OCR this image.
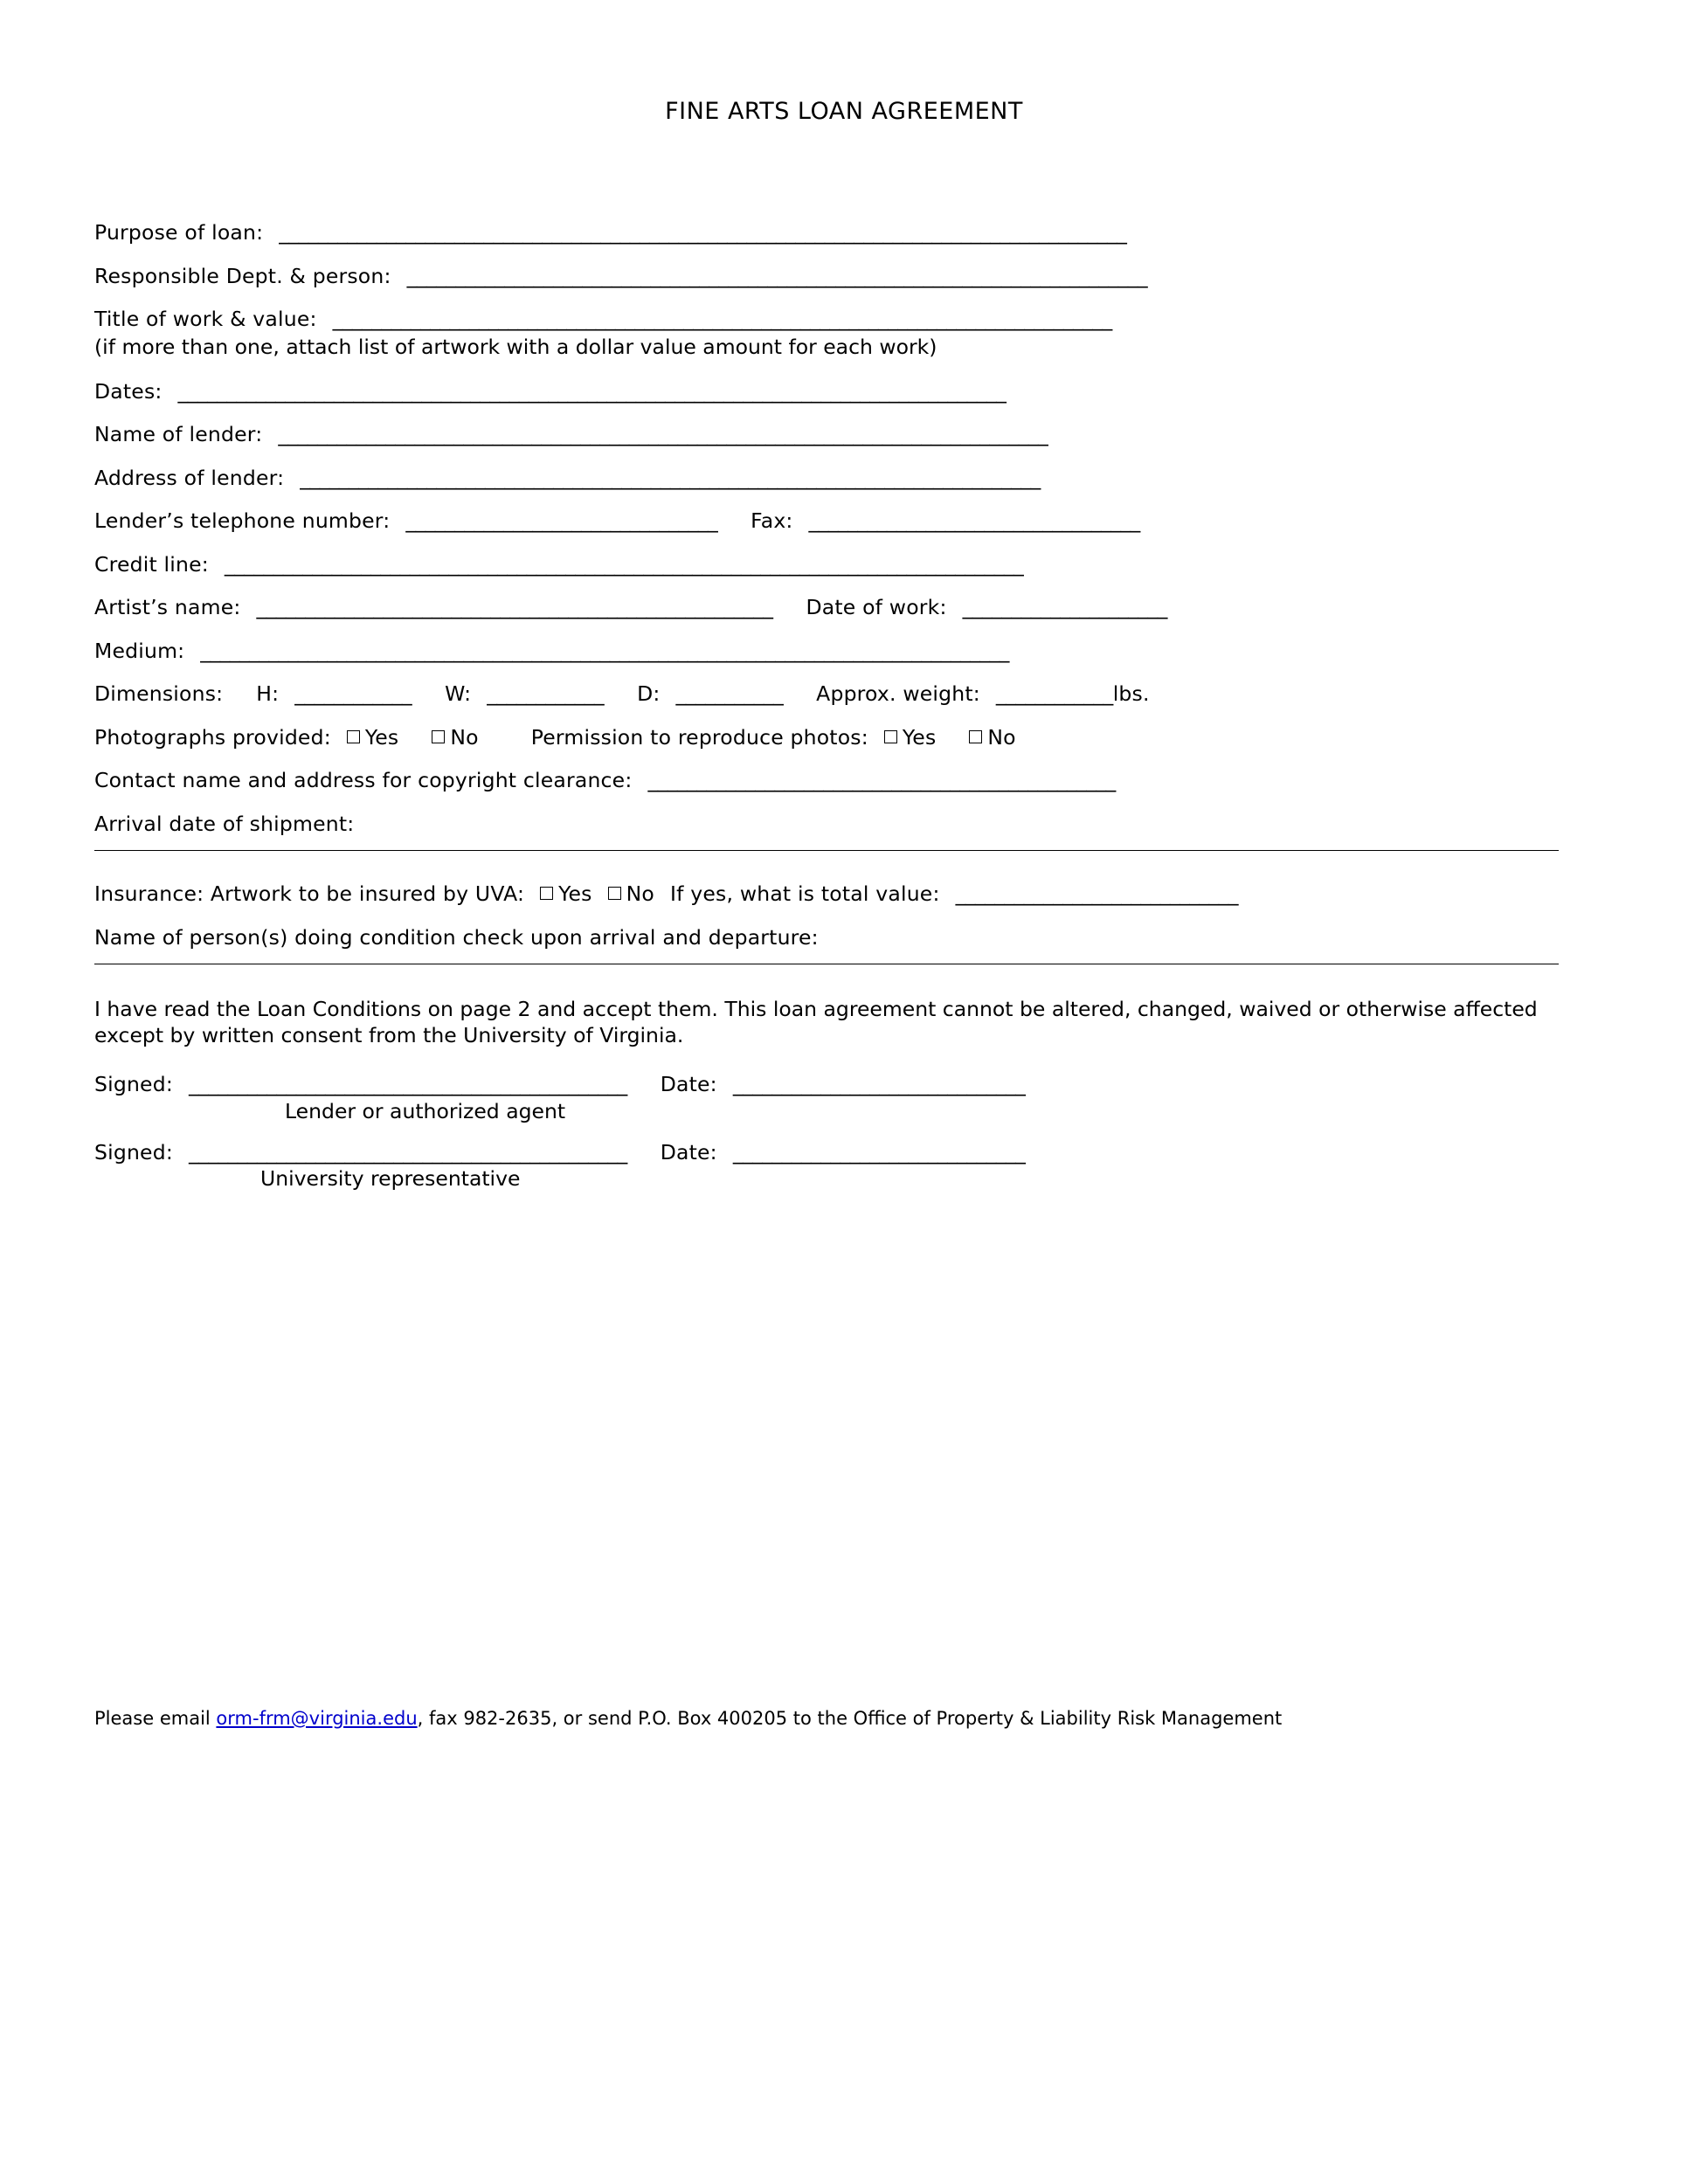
FINE ARTS LOAN AGREEMENT
Purpose of loan: _______________________________________________________________________________________
Responsible Dept. & person: ____________________________________________________________________________
Title of work & value: ________________________________________________________________________________
(if more than one, attach list of artwork with a dollar value amount for each work)
Dates: _____________________________________________________________________________________
Name of lender: _______________________________________________________________________________
Address of lender: ____________________________________________________________________________
Lender’s telephone number: ________________________________ Fax: __________________________________
Credit line: __________________________________________________________________________________
Artist’s name: _____________________________________________________ Date of work: _____________________
Medium: ___________________________________________________________________________________
Dimensions: H: ____________ W: ____________ D: ___________ Approx. weight: ____________lbs.
Photographs provided: Yes	No	Permission to reproduce photos: Yes	No
Contact name and address for copyright clearance: ________________________________________________
Arrival date of shipment:
Insurance: Artwork to be insured by UVA: Yes No If yes, what is total value: _____________________________
Name of person(s) doing condition check upon arrival and departure:
I have read the Loan Conditions on page 2 and accept them. This loan agreement cannot be altered, changed, waived or otherwise affected except by written consent from the University of Virginia.
Signed: _____________________________________________ Date: ______________________________
Lender or authorized agent
Signed: _____________________________________________ Date: ______________________________
University representative
Please email orm-frm@virginia.edu, fax 982-2635, or send P.O. Box 400205 to the Office of Property & Liability Risk Management
